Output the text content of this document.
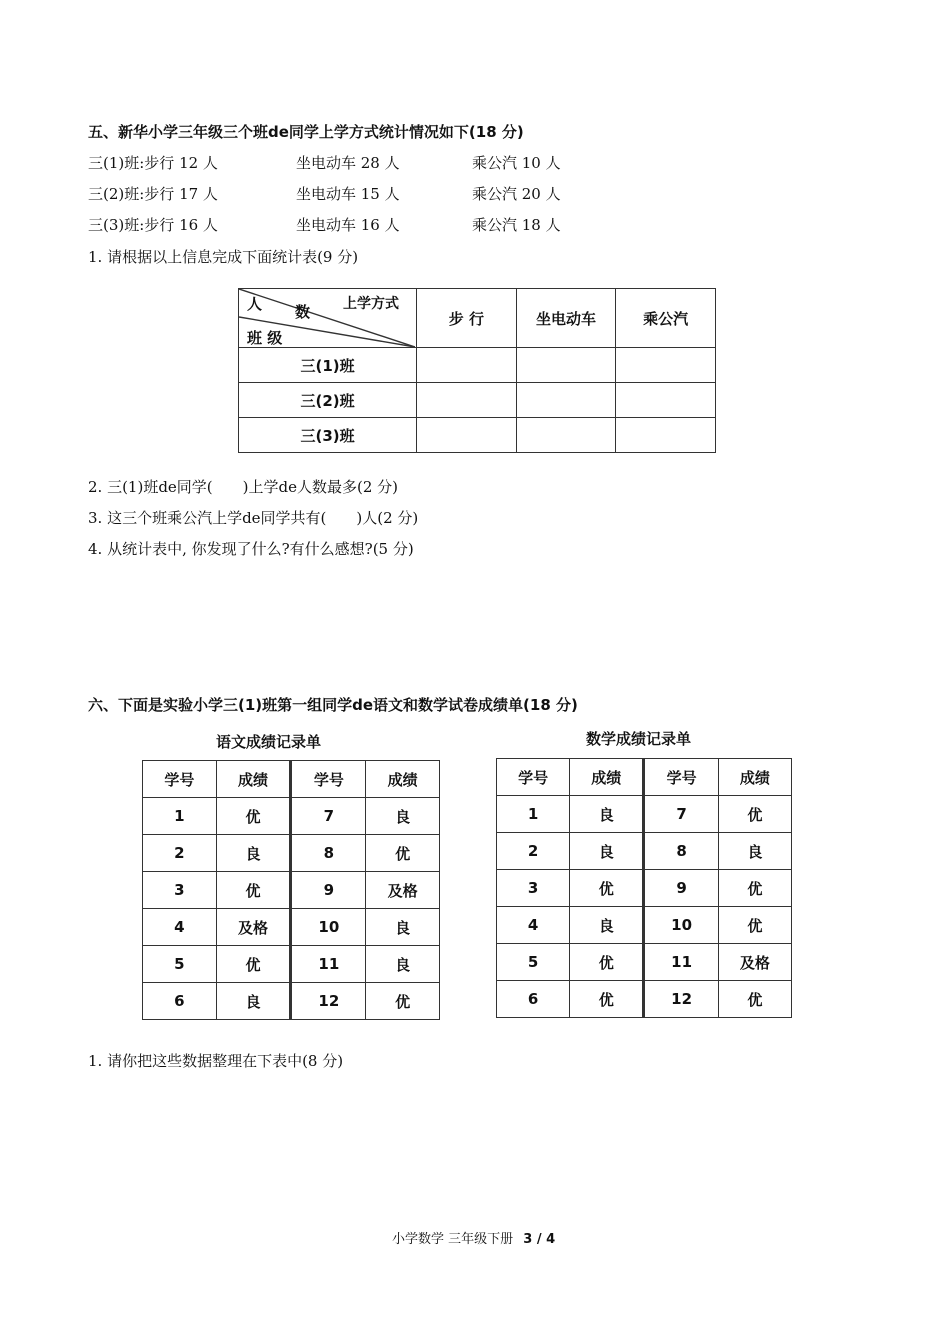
五、新华小学三年级三个班de同学上学方式统计情况如下(18 分)
三(1)班:步行 12 人	坐电动车 28 人	乘公汽 10 人
三(2)班:步行 17 人	坐电动车 15 人	乘公汽 20 人
三(3)班:步行 16 人	坐电动车 16 人	乘公汽 18 人
1. 请根据以上信息完成下面统计表(9 分)
人 数 上学方式
班 级	步 行	坐电动车	乘公汽
三(1)班			
三(2)班			
三(3)班			
2. 三(1)班de同学(　　)上学de人数最多(2 分)
3. 这三个班乘公汽上学de同学共有(　　)人(2 分)
4. 从统计表中, 你发现了什么?有什么感想?(5 分)
六、下面是实验小学三(1)班第一组同学de语文和数学试卷成绩单(18 分)
语文成绩记录单
学号	成绩	学号	成绩
1	优	7	良
2	良	8	优
3	优	9	及格
4	及格	10	良
5	优	11	良
6	良	12	优
数学成绩记录单
学号	成绩	学号	成绩
1	良	7	优
2	良	8	良
3	优	9	优
4	良	10	优
5	优	11	及格
6	优	12	优
1. 请你把这些数据整理在下表中(8 分)
小学数学 三年级下册 3 / 4
